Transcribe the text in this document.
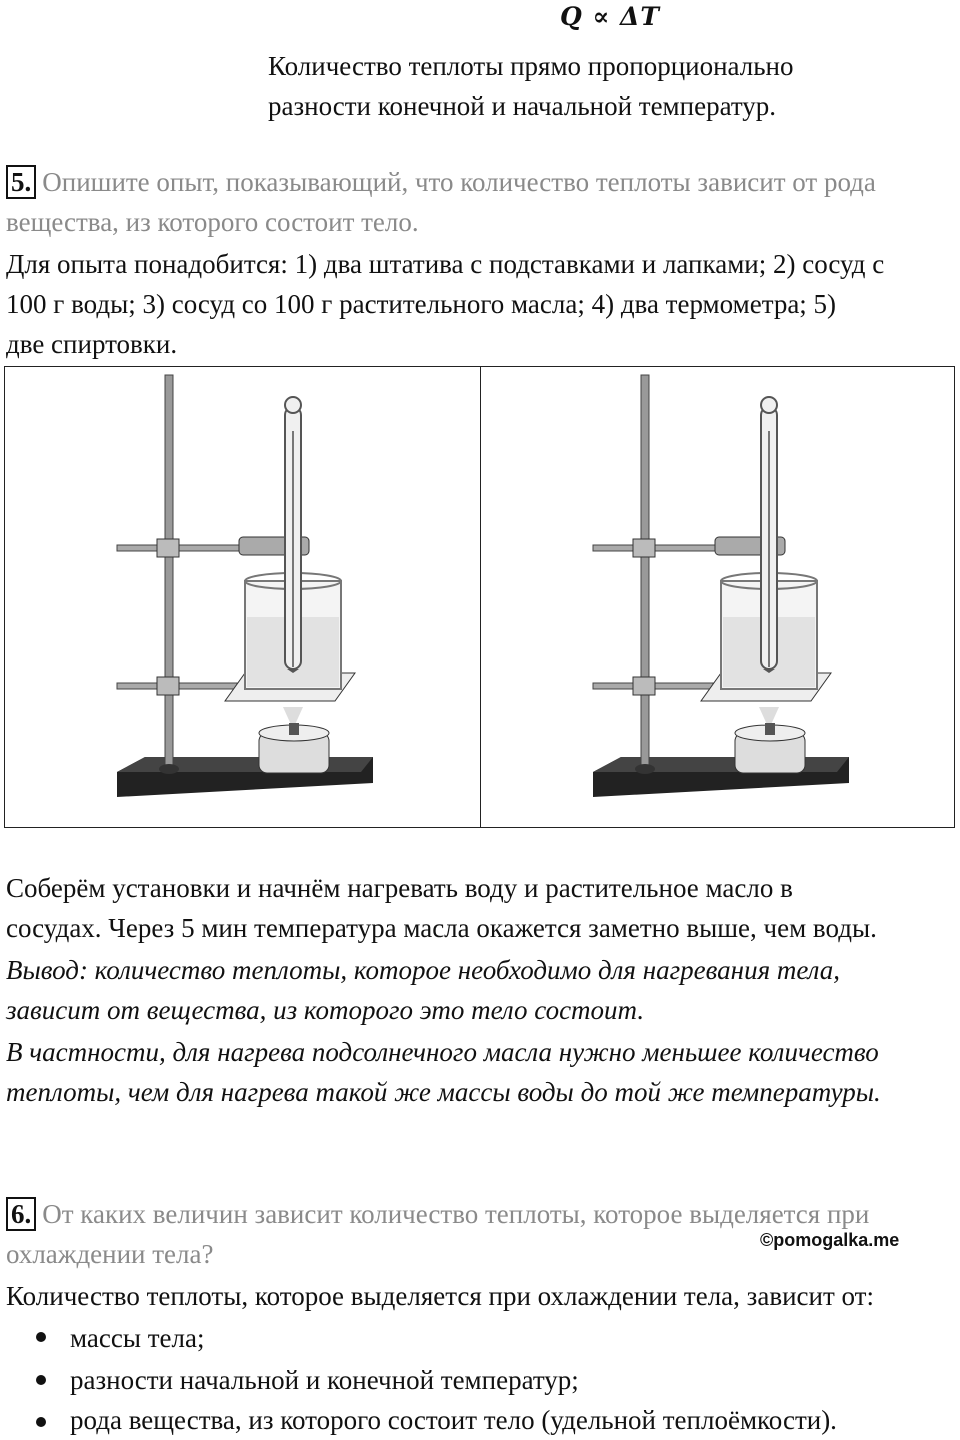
Q ∝ ΔT
Количество теплоты прямо пропорционально
разности конечной и начальной температур.
5. Опишите опыт, показывающий, что количество теплоты зависит от рода
вещества, из которого состоит тело.
Для опыта понадобится: 1) два штатива с подставками и лапками; 2) сосуд с
100 г воды; 3) сосуд со 100 г растительного масла; 4) два термометра; 5)
две спиртовки.
Соберём установки и начнём нагревать воду и растительное масло в
сосудах. Через 5 мин температура масла окажется заметно выше, чем воды.
Вывод: количество теплоты, которое необходимо для нагревания тела,
зависит от вещества, из которого это тело состоит.
В частности, для нагрева подсолнечного масла нужно меньшее количество
теплоты, чем для нагрева такой же массы воды до той же температуры.
6. От каких величин зависит количество теплоты, которое выделяется при
охлаждении тела?	©pomogalka.me
Количество теплоты, которое выделяется при охлаждении тела, зависит от:
массы тела;
разности начальной и конечной температур;
рода вещества, из которого состоит тело (удельной теплоёмкости).
